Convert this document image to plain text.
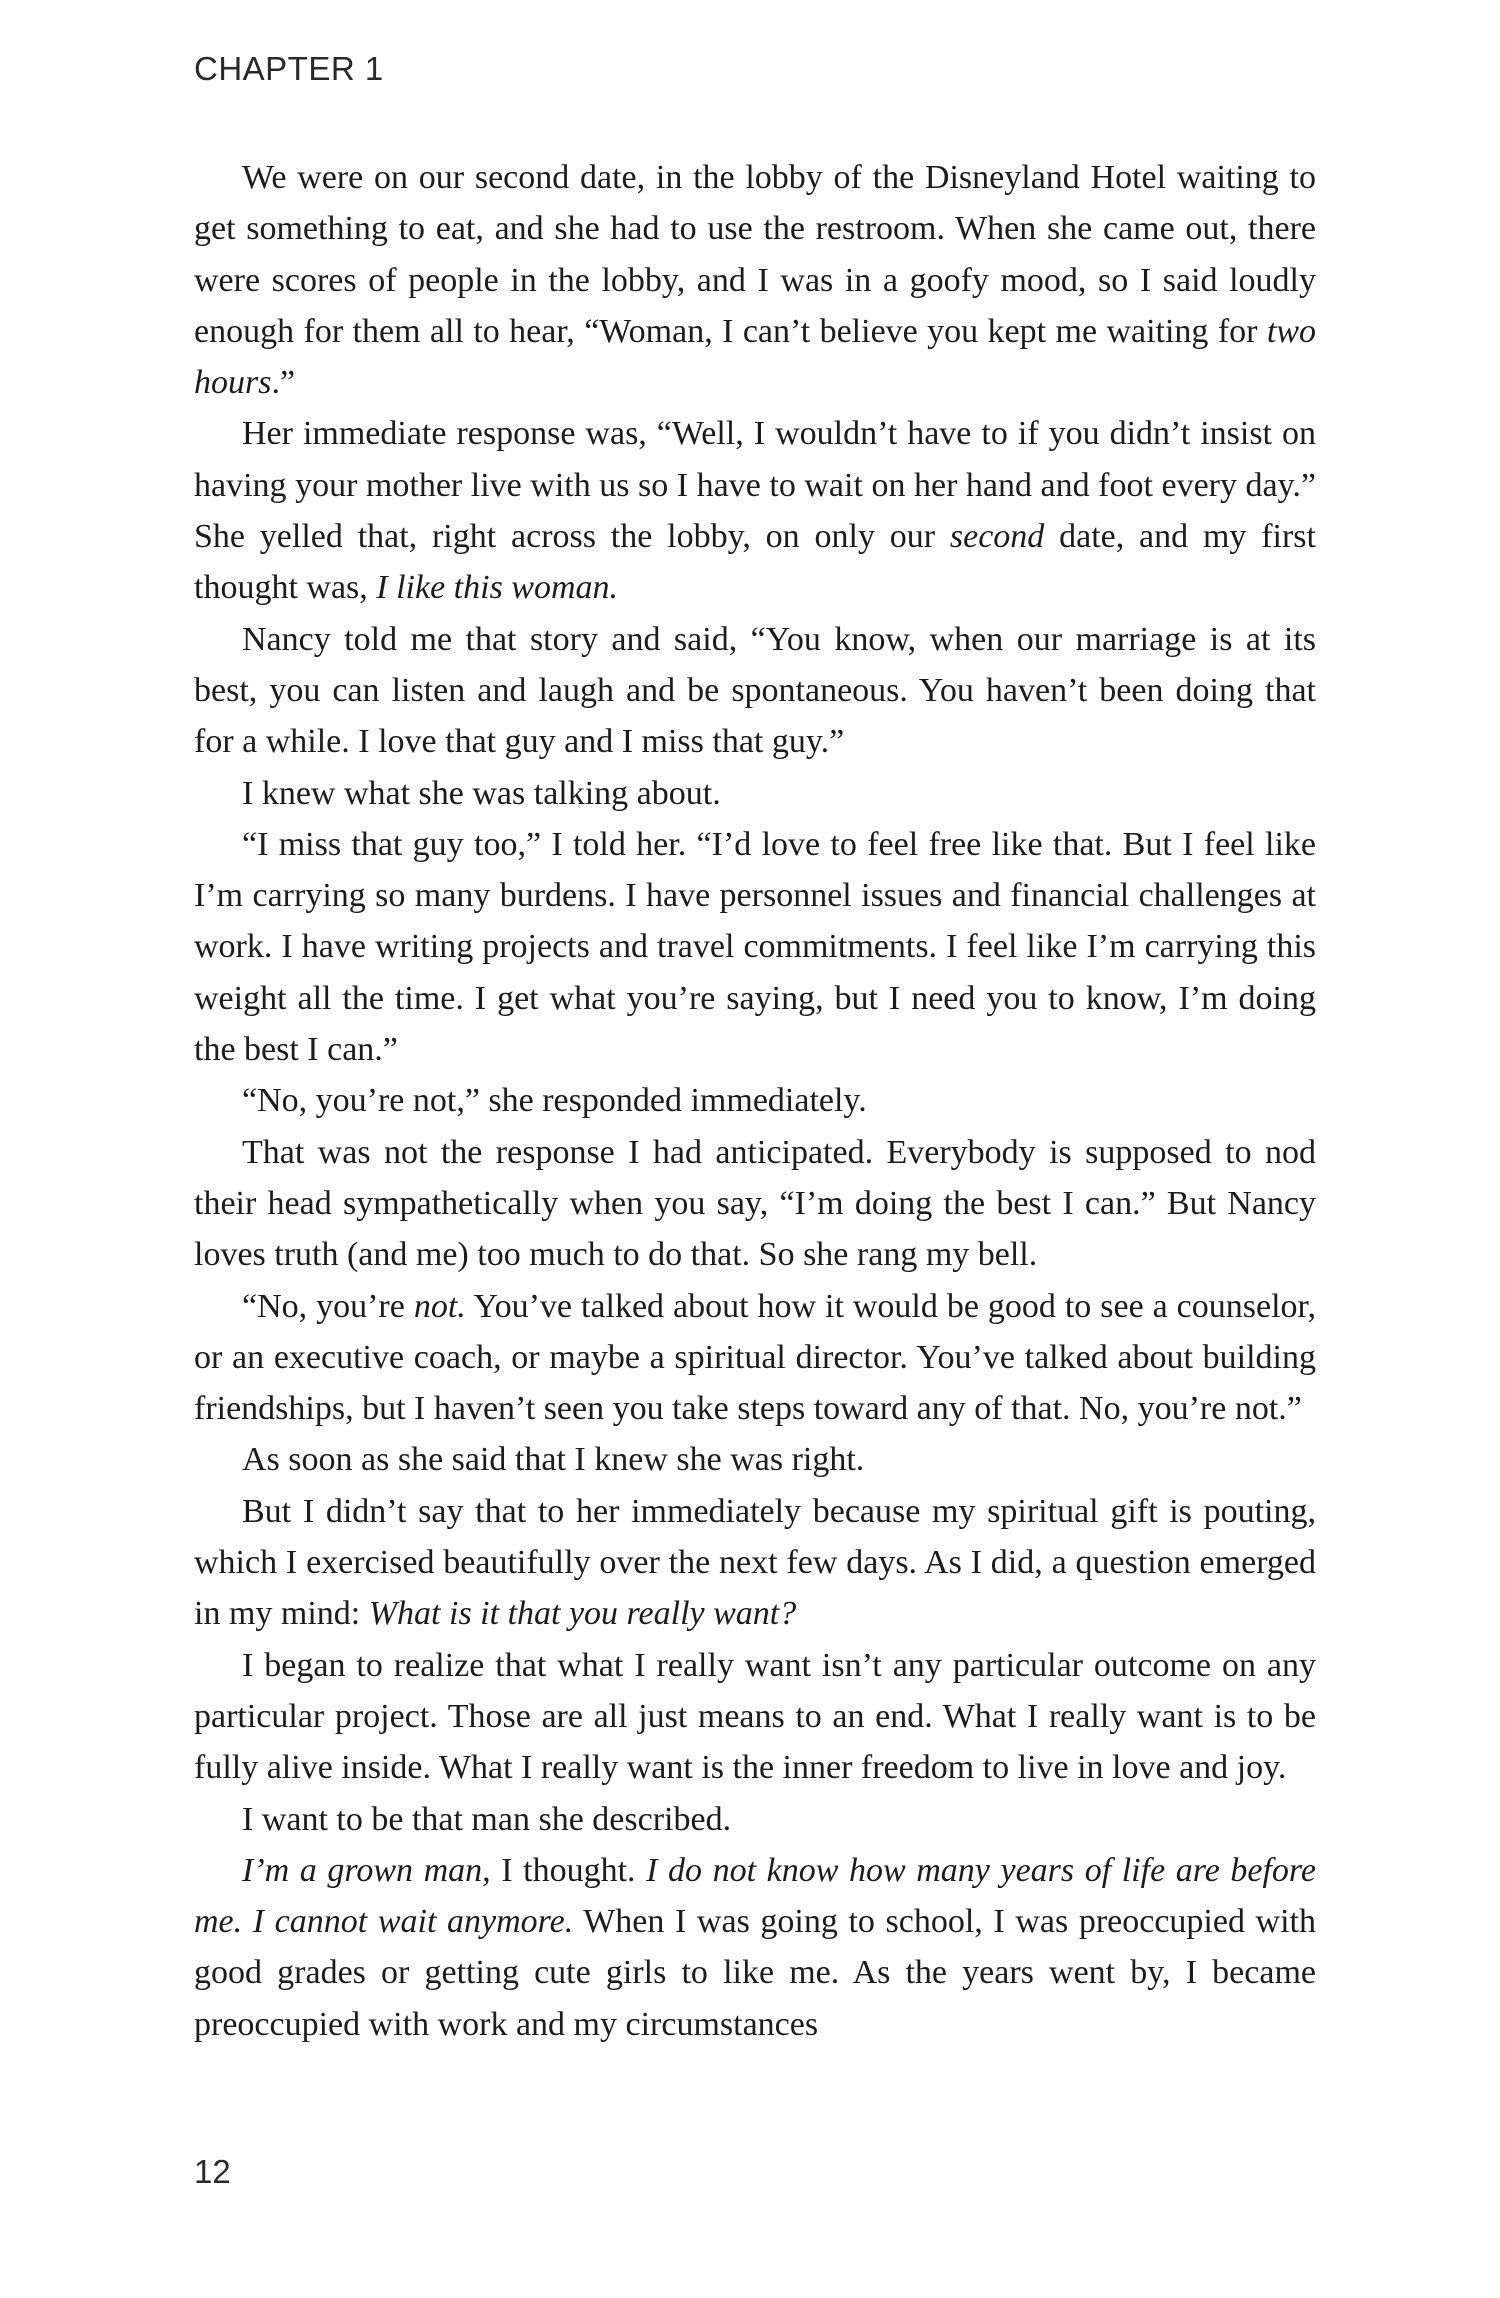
CHAPTER 1

We were on our second date, in the lobby of the Disneyland Hotel waiting to get something to eat, and she had to use the restroom. When she came out, there were scores of people in the lobby, and I was in a goofy mood, so I said loudly enough for them all to hear, “Woman, I can’t believe you kept me waiting for two hours.”

Her immediate response was, “Well, I wouldn’t have to if you didn’t insist on having your mother live with us so I have to wait on her hand and foot every day.” She yelled that, right across the lobby, on only our second date, and my first thought was, I like this woman.

Nancy told me that story and said, “You know, when our marriage is at its best, you can listen and laugh and be spontaneous. You haven’t been doing that for a while. I love that guy and I miss that guy.”

I knew what she was talking about.

“I miss that guy too,” I told her. “I’d love to feel free like that. But I feel like I’m carrying so many burdens. I have personnel issues and financial challenges at work. I have writing projects and travel commitments. I feel like I’m carrying this weight all the time. I get what you’re saying, but I need you to know, I’m doing the best I can.”

“No, you’re not,” she responded immediately.

That was not the response I had anticipated. Everybody is supposed to nod their head sympathetically when you say, “I’m doing the best I can.” But Nancy loves truth (and me) too much to do that. So she rang my bell.

“No, you’re not. You’ve talked about how it would be good to see a counselor, or an executive coach, or maybe a spiritual director. You’ve talked about building friendships, but I haven’t seen you take steps toward any of that. No, you’re not.”

As soon as she said that I knew she was right.

But I didn’t say that to her immediately because my spiritual gift is pouting, which I exercised beautifully over the next few days. As I did, a question emerged in my mind: What is it that you really want?

I began to realize that what I really want isn’t any particular outcome on any particular project. Those are all just means to an end. What I really want is to be fully alive inside. What I really want is the inner freedom to live in love and joy.

I want to be that man she described.

I’m a grown man, I thought. I do not know how many years of life are before me. I cannot wait anymore. When I was going to school, I was preoccupied with good grades or getting cute girls to like me. As the years went by, I became preoccupied with work and my circumstances

12
